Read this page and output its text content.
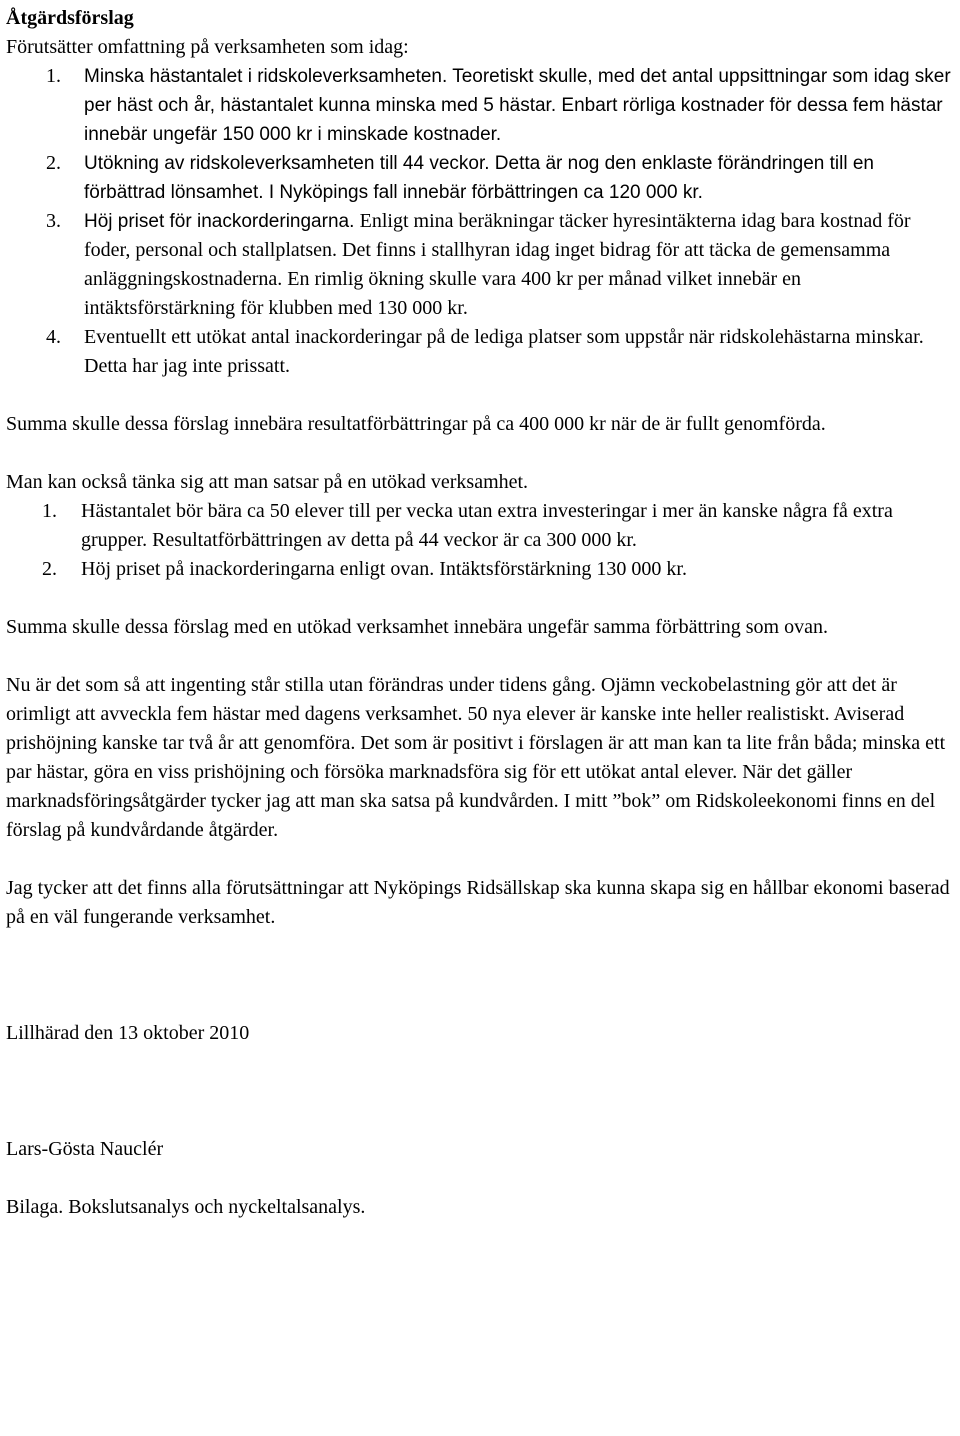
Åtgärdsförslag

Förutsätter omfattning på verksamheten som idag:

1. Minska hästantalet i ridskoleverksamheten. Teoretiskt skulle, med det antal uppsittningar som idag sker per häst och år, hästantalet kunna minska med 5 hästar. Enbart rörliga kostnader för dessa fem hästar innebär ungefär 150 000 kr i minskade kostnader.
2. Utökning av ridskoleverksamheten till 44 veckor. Detta är nog den enklaste förändringen till en förbättrad lönsamhet. I Nyköpings fall innebär förbättringen ca 120 000 kr.
3. Höj priset för inackorderingarna. Enligt mina beräkningar täcker hyresintäkterna idag bara kostnad för foder, personal och stallplatsen. Det finns i stallhyran idag inget bidrag för att täcka de gemensamma anläggningskostnaderna. En rimlig ökning skulle vara 400 kr per månad vilket innebär en intäktsförstärkning för klubben med 130 000 kr.
4. Eventuellt ett utökat antal inackorderingar på de lediga platser som uppstår när ridskolehästarna minskar. Detta har jag inte prissatt.

Summa skulle dessa förslag innebära resultatförbättringar på ca 400 000 kr när de är fullt genomförda.

Man kan också tänka sig att man satsar på en utökad verksamhet.

1. Hästantalet bör bära ca 50 elever till per vecka utan extra investeringar i mer än kanske några få extra grupper. Resultatförbättringen av detta på 44 veckor är ca 300 000 kr.
2. Höj priset på inackorderingarna enligt ovan. Intäktsförstärkning 130 000 kr.

Summa skulle dessa förslag med en utökad verksamhet innebära ungefär samma förbättring som ovan.

Nu är det som så att ingenting står stilla utan förändras under tidens gång. Ojämn veckobelastning gör att det är orimligt att avveckla fem hästar med dagens verksamhet. 50 nya elever är kanske inte heller realistiskt. Aviserad prishöjning kanske tar två år att genomföra. Det som är positivt i förslagen är att man kan ta lite från båda; minska ett par hästar, göra en viss prishöjning och försöka marknadsföra sig för ett utökat antal elever. När det gäller marknadsföringsåtgärder tycker jag att man ska satsa på kundvården. I mitt ”bok” om Ridskoleekonomi finns en del förslag på kundvårdande åtgärder.

Jag tycker att det finns alla förutsättningar att Nyköpings Ridsällskap ska kunna skapa sig en hållbar ekonomi baserad på en väl fungerande verksamhet.

Lillhärad den 13 oktober 2010

Lars-Gösta Nauclér

Bilaga. Bokslutsanalys och nyckeltalsanalys.
